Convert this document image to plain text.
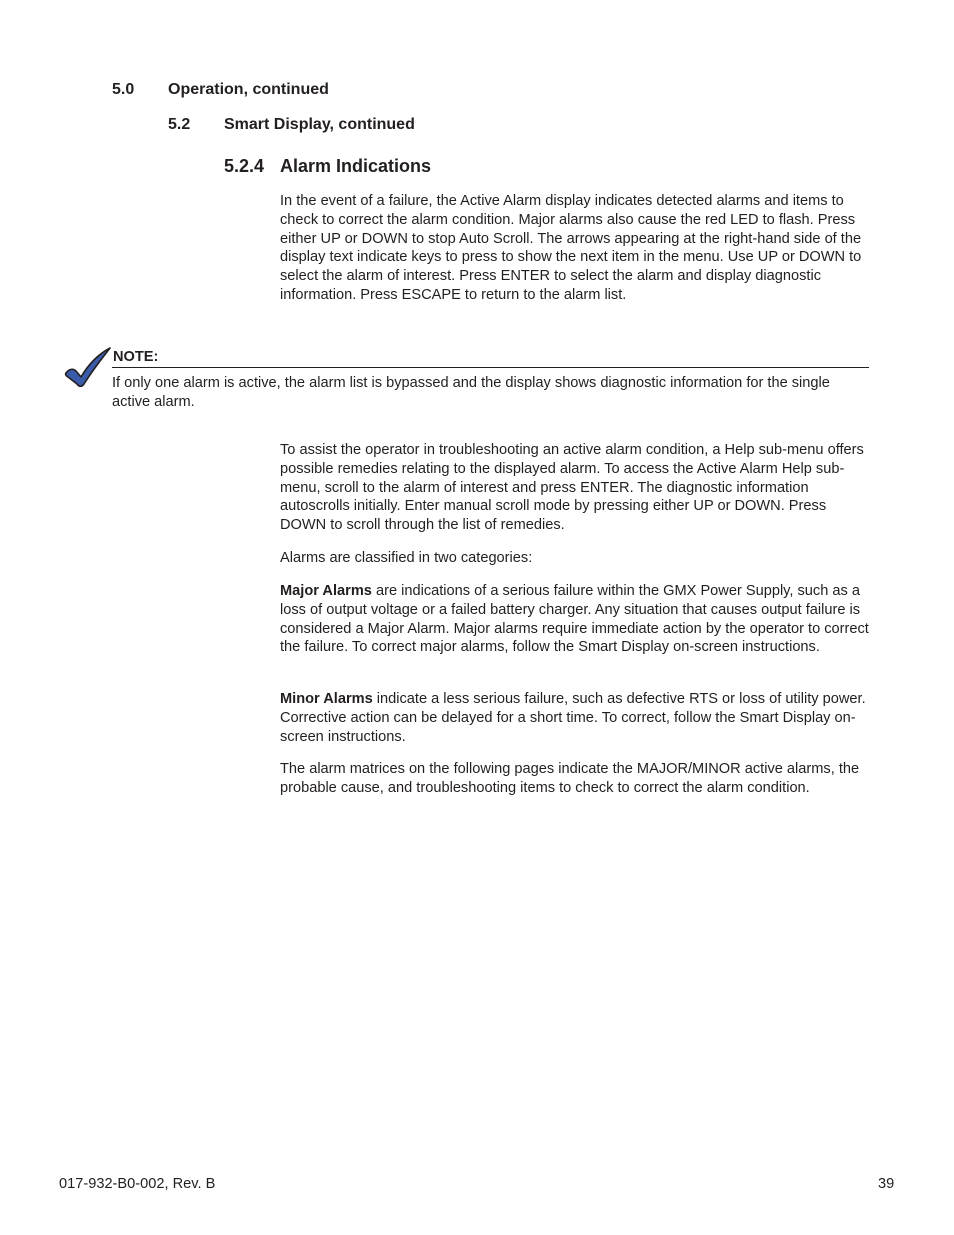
5.0 Operation, continued
5.2 Smart Display, continued
5.2.4 Alarm Indications

In the event of a failure, the Active Alarm display indicates detected alarms and items to check to correct the alarm condition. Major alarms also cause the red LED to flash. Press either UP or DOWN to stop Auto Scroll. The arrows appearing at the right-hand side of the display text indicate keys to press to show the next item in the menu. Use UP or DOWN to select the alarm of interest. Press ENTER to select the alarm and display diagnostic information. Press ESCAPE to return to the alarm list.

NOTE:

If only one alarm is active, the alarm list is bypassed and the display shows diagnostic information for the single active alarm.

To assist the operator in troubleshooting an active alarm condition, a Help sub-menu offers possible remedies relating to the displayed alarm. To access the Active Alarm Help sub-menu, scroll to the alarm of interest and press ENTER. The diagnostic information autoscrolls initially. Enter manual scroll mode by pressing either UP or DOWN. Press DOWN to scroll through the list of remedies.

Alarms are classified in two categories:

Major Alarms are indications of a serious failure within the GMX Power Supply, such as a loss of output voltage or a failed battery charger. Any situation that causes output failure is considered a Major Alarm. Major alarms require immediate action by the operator to correct the failure. To correct major alarms, follow the Smart Display on-screen instructions.

Minor Alarms indicate a less serious failure, such as defective RTS or loss of utility power. Corrective action can be delayed for a short time. To correct, follow the Smart Display on-screen instructions.

The alarm matrices on the following pages indicate the MAJOR/MINOR active alarms, the probable cause, and troubleshooting items to check to correct the alarm condition.

017-932-B0-002, Rev. B	39
